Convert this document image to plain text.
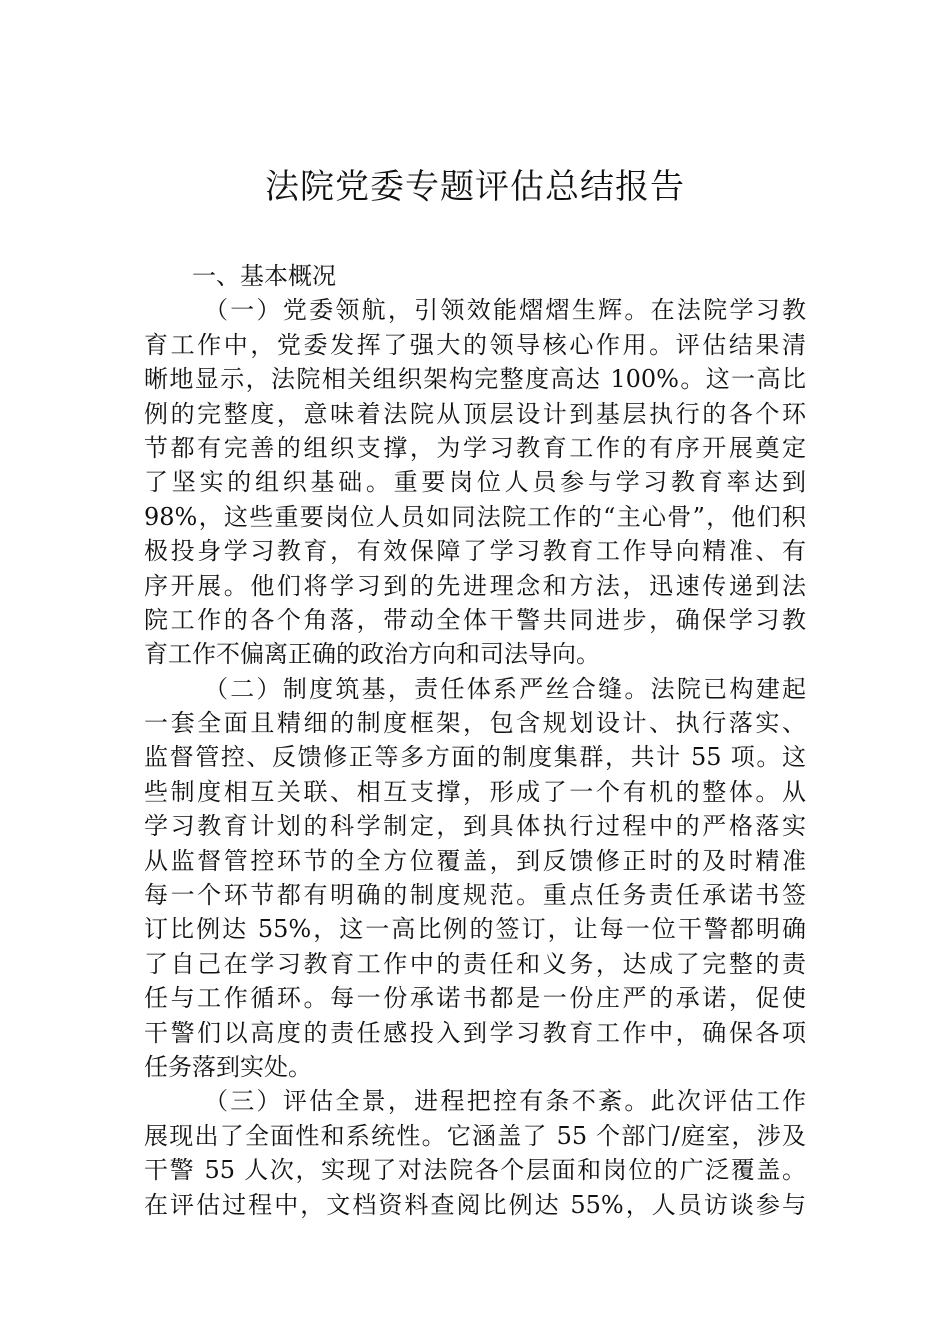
法院党委专题评估总结报告
一、基本概况
（一）党委领航，引领效能熠熠生辉。在法院学习教
育工作中，党委发挥了强大的领导核心作用。评估结果清
晰地显示，法院相关组织架构完整度高达 100%。这一高比
例的完整度，意味着法院从顶层设计到基层执行的各个环
节都有完善的组织支撑，为学习教育工作的有序开展奠定
了坚实的组织基础。重要岗位人员参与学习教育率达到
98%，这些重要岗位人员如同法院工作的“主心骨”，他们积
极投身学习教育，有效保障了学习教育工作导向精准、有
序开展。他们将学习到的先进理念和方法，迅速传递到法
院工作的各个角落，带动全体干警共同进步，确保学习教
育工作不偏离正确的政治方向和司法导向。
（二）制度筑基，责任体系严丝合缝。法院已构建起
一套全面且精细的制度框架，包含规划设计、执行落实、
监督管控、反馈修正等多方面的制度集群，共计 55 项。这
些制度相互关联、相互支撑，形成了一个有机的整体。从
学习教育计划的科学制定，到具体执行过程中的严格落实
从监督管控环节的全方位覆盖，到反馈修正时的及时精准
每一个环节都有明确的制度规范。重点任务责任承诺书签
订比例达 55%，这一高比例的签订，让每一位干警都明确
了自己在学习教育工作中的责任和义务，达成了完整的责
任与工作循环。每一份承诺书都是一份庄严的承诺，促使
干警们以高度的责任感投入到学习教育工作中，确保各项
任务落到实处。
（三）评估全景，进程把控有条不紊。此次评估工作
展现出了全面性和系统性。它涵盖了 55 个部门/庭室，涉及
干警 55 人次，实现了对法院各个层面和岗位的广泛覆盖。
在评估过程中，文档资料查阅比例达 55%，人员访谈参与
